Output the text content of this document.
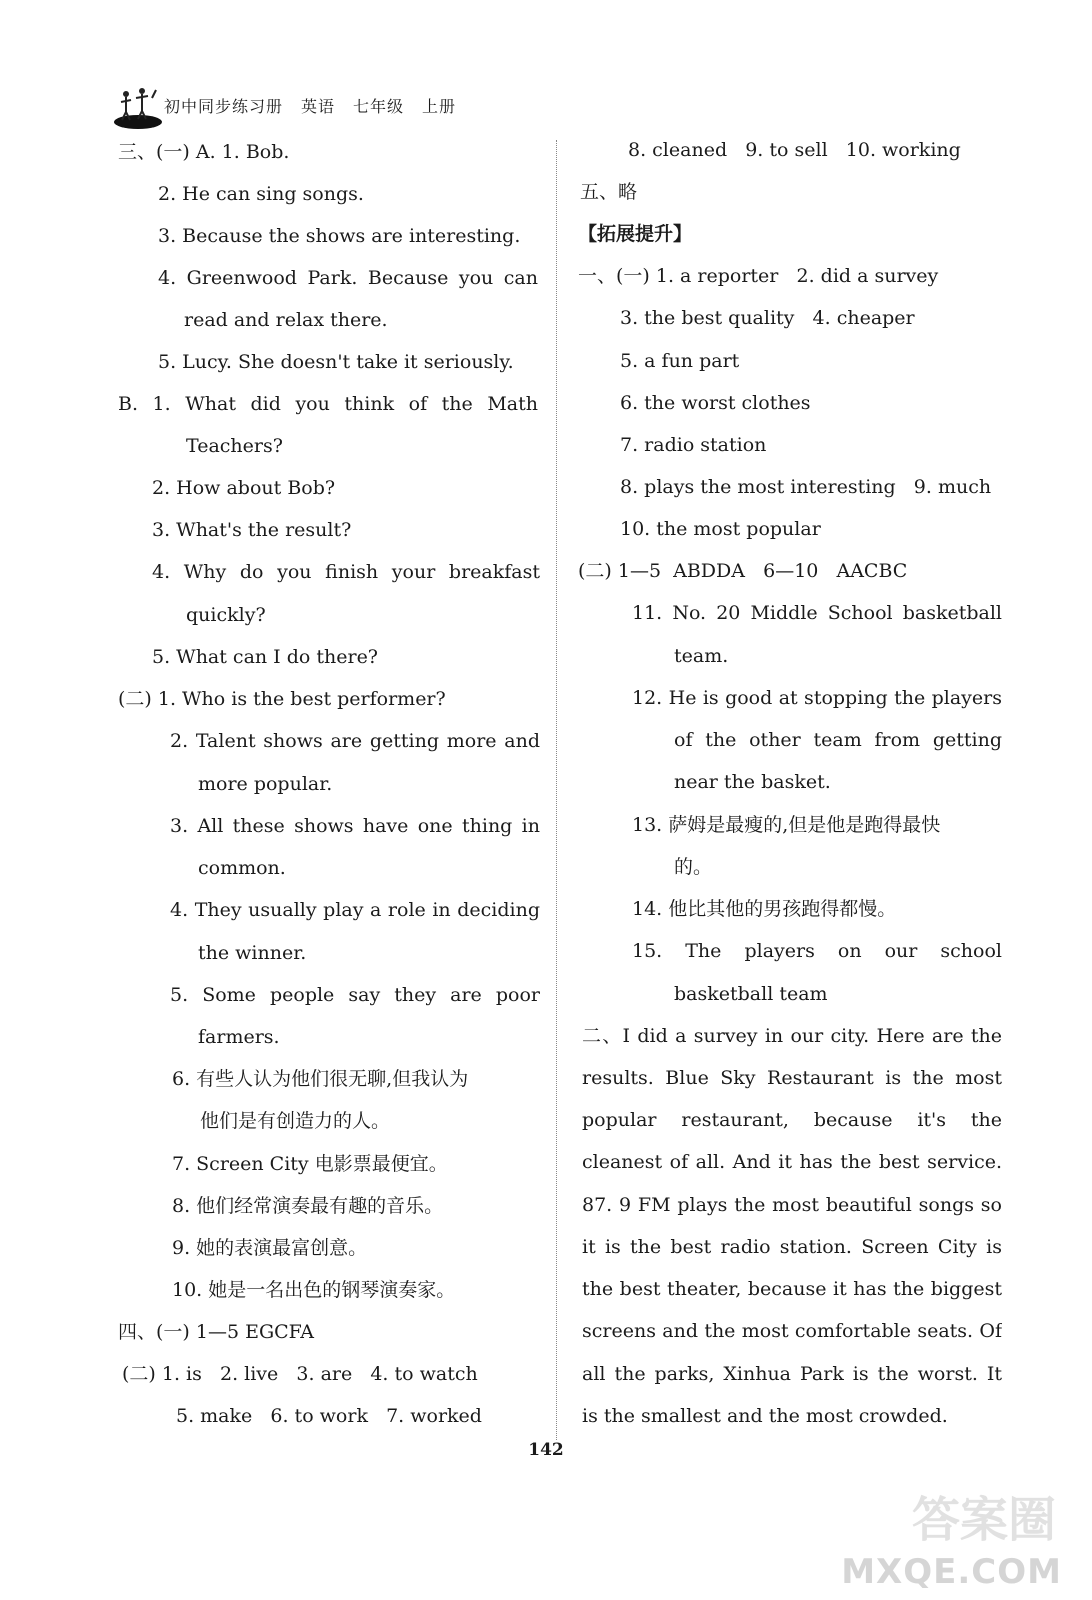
初中同步练习册 英语 七年级 上册
三、(一) A. 1. Bob.
2. He can sing songs.
3. Because the shows are interesting.
4. Greenwood Park. Because you can
read and relax there.
5. Lucy. She doesn't take it seriously.
B. 1. What did you think of the Math
Teachers?
2. How about Bob?
3. What's the result?
4. Why do you finish your breakfast
quickly?
5. What can I do there?
(二) 1. Who is the best performer?
2. Talent shows are getting more and
more popular.
3. All these shows have one thing in
common.
4. They usually play a role in deciding
the winner.
5. Some people say they are poor
farmers.
6. 有些人认为他们很无聊,但我认为
他们是有创造力的人。
7. Screen City 电影票最便宜。
8. 他们经常演奏最有趣的音乐。
9. 她的表演最富创意。
10. 她是一名出色的钢琴演奏家。
四、(一) 1—5 EGCFA
(二) 1. is   2. live   3. are   4. to watch
5. make   6. to work   7. worked
8. cleaned   9. to sell   10. working
五、略
【拓展提升】
一、(一) 1. a reporter   2. did a survey
3. the best quality   4. cheaper
5. a fun part
6. the worst clothes
7. radio station
8. plays the most interesting   9. much
10. the most popular
(二) 1—5  ABDDA   6—10   AACBC
11. No. 20 Middle School basketball
team.
12. He is good at stopping the players
of the other team from getting
near the basket.
13. 萨姆是最瘦的,但是他是跑得最快
的。
14. 他比其他的男孩跑得都慢。
15. The players on our school
basketball team
二、I did a survey in our city. Here are the
results. Blue Sky Restaurant is the most
popular restaurant, because it's the
cleanest of all. And it has the best service.
87. 9 FM plays the most beautiful songs so
it is the best radio station. Screen City is
the best theater, because it has the biggest
screens and the most comfortable seats. Of
all the parks, Xinhua Park is the worst. It
is the smallest and the most crowded.
142
答案圈
MXQE.COM
